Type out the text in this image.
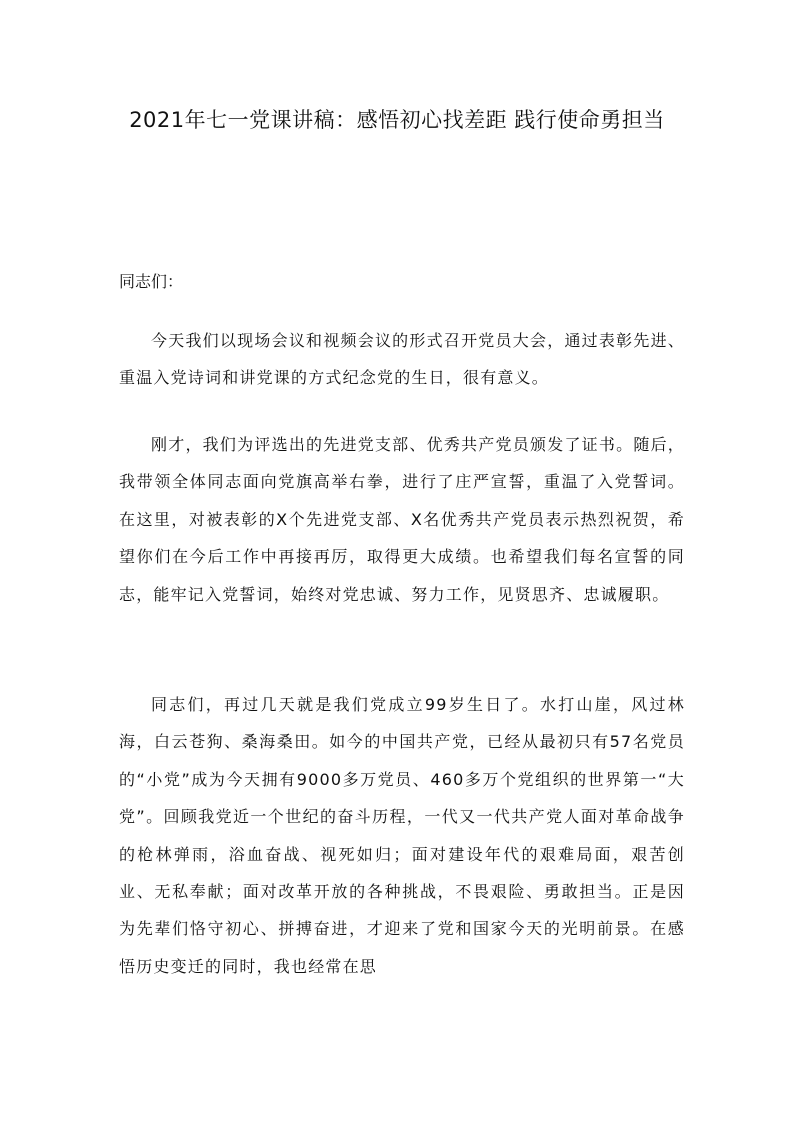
2021年七一党课讲稿：感悟初心找差距 践行使命勇担当

同志们：

今天我们以现场会议和视频会议的形式召开党员大会，通过表彰先进、重温入党诗词和讲党课的方式纪念党的生日，很有意义。

刚才，我们为评选出的先进党支部、优秀共产党员颁发了证书。随后，我带领全体同志面向党旗高举右拳，进行了庄严宣誓，重温了入党誓词。在这里，对被表彰的X个先进党支部、X名优秀共产党员表示热烈祝贺，希望你们在今后工作中再接再厉，取得更大成绩。也希望我们每名宣誓的同志，能牢记入党誓词，始终对党忠诚、努力工作，见贤思齐、忠诚履职。

同志们，再过几天就是我们党成立99岁生日了。水打山崖，风过林海，白云苍狗、桑海桑田。如今的中国共产党，已经从最初只有57名党员的“小党”成为今天拥有9000多万党员、460多万个党组织的世界第一“大党”。回顾我党近一个世纪的奋斗历程，一代又一代共产党人面对革命战争的枪林弹雨，浴血奋战、视死如归；面对建设年代的艰难局面，艰苦创业、无私奉献；面对改革开放的各种挑战，不畏艰险、勇敢担当。正是因为先辈们恪守初心、拼搏奋进，才迎来了党和国家今天的光明前景。在感悟历史变迁的同时，我也经常在思
